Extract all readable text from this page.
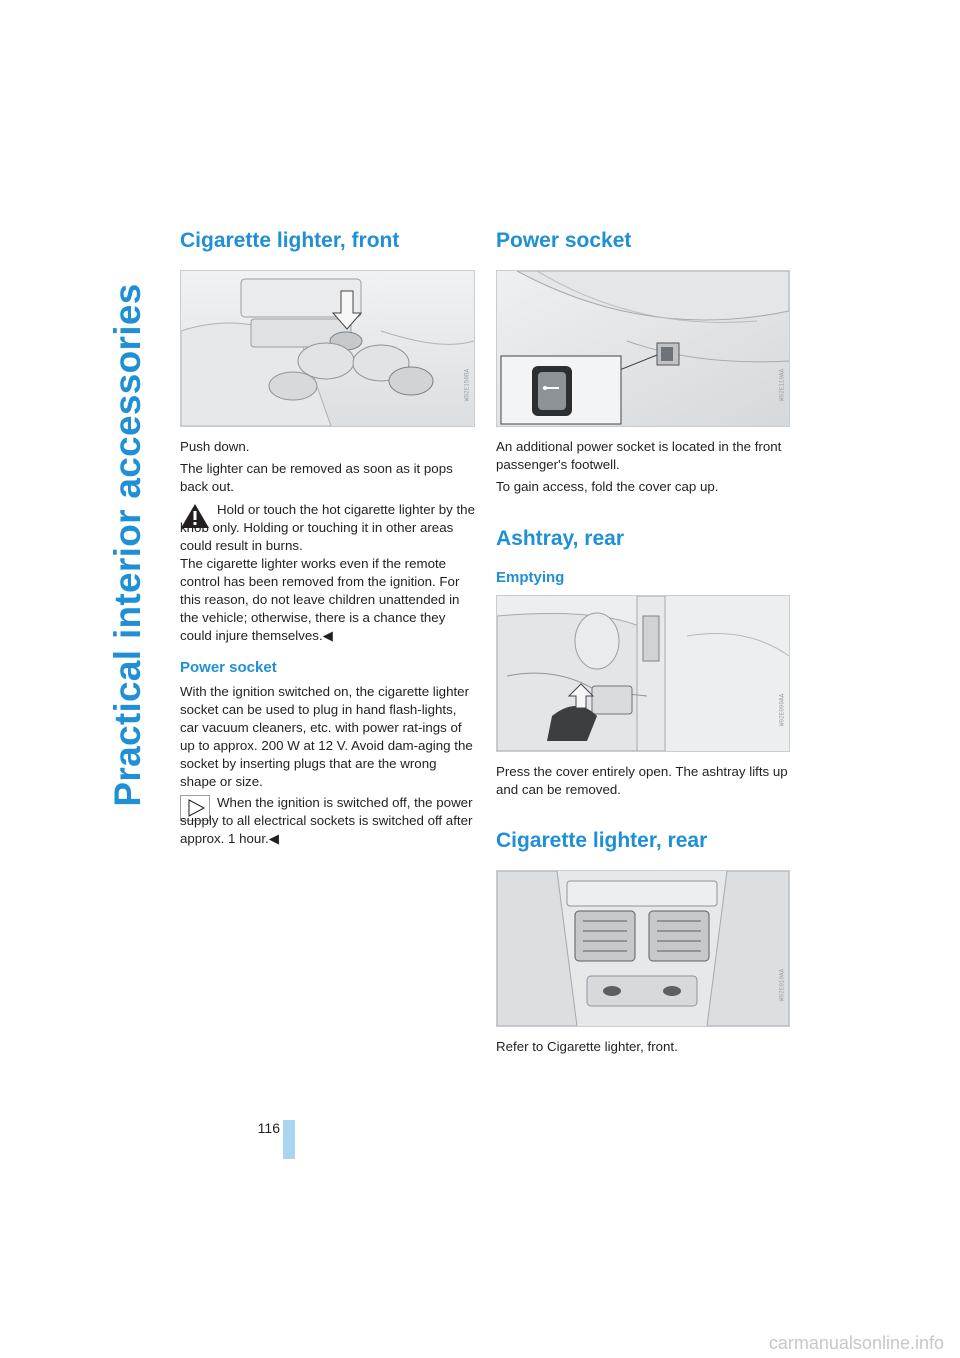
Practical interior accessories
Cigarette lighter, front
W02E150BA

Push down.

The lighter can be removed as soon as it pops back out.

Hold or touch the hot cigarette lighter by the knob only. Holding or touching it in other areas could result in burns.

The cigarette lighter works even if the remote control has been removed from the ignition. For this reason, do not leave children unattended in the vehicle; otherwise, there is a chance they could injure themselves.◀

Power socket

With the ignition switched on, the cigarette lighter socket can be used to plug in hand flash-lights, car vacuum cleaners, etc. with power rat-ings of up to approx. 200 W at 12 V. Avoid dam-aging the socket by inserting plugs that are the wrong shape or size.

When the ignition is switched off, the power supply to all electrical sockets is switched off after approx. 1 hour.◀

Power socket
W02E110AA

An additional power socket is located in the front passenger's footwell.

To gain access, fold the cover cap up.

Ashtray, rear
Emptying
W02E090AA

Press the cover entirely open. The ashtray lifts up and can be removed.

Cigarette lighter, rear
W02E010AA

Refer to Cigarette lighter, front.

116
carmanualsonline.info
